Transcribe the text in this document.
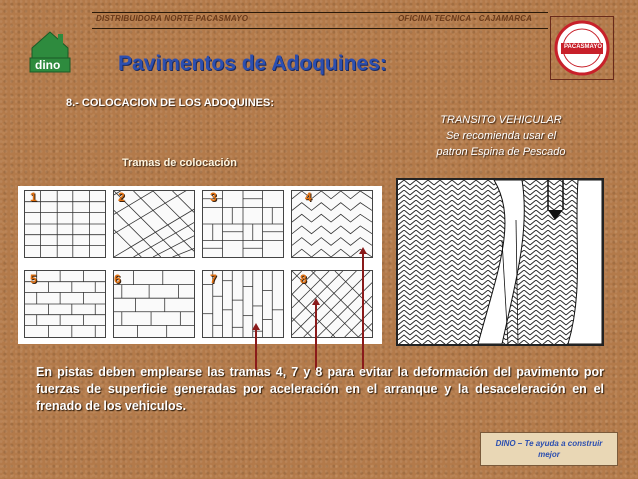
DISTRIBUIDORA NORTE PACASMAYO	OFICINA TECNICA - CAJAMARCA
dino
PACASMAYO
Pavimentos de Adoquines:
8.- COLOCACION DE LOS ADOQUINES:
Tramas de colocación
TRANSITO VEHICULAR
Se recomienda usar el
patron Espina de Pescado
1	2	3	4
5	6	7	8
En pistas deben emplearse las tramas 4, 7 y 8 para evitar la deformación del pavimento por fuerzas de superficie generadas por aceleración en el arranque y la desaceleración en el frenado de los vehiculos.
DINO – Te ayuda a construir
mejor
